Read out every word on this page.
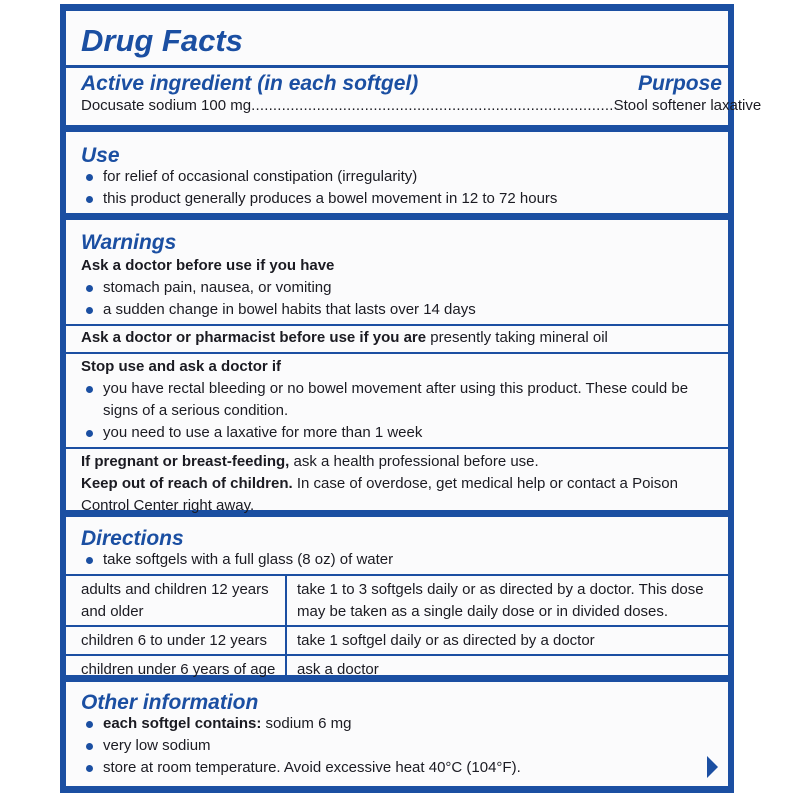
Drug Facts
Active ingredient (in each softgel)	Purpose
Docusate sodium 100 mg ................................................................................... Stool softener laxative
Use
for relief of occasional constipation (irregularity)
this product generally produces a bowel movement in 12 to 72 hours
Warnings
Ask a doctor before use if you have
stomach pain, nausea, or vomiting
a sudden change in bowel habits that lasts over 14 days
Ask a doctor or pharmacist before use if you are presently taking mineral oil
Stop use and ask a doctor if
you have rectal bleeding or no bowel movement after using this product. These could be signs of a serious condition.
you need to use a laxative for more than 1 week
If pregnant or breast-feeding, ask a health professional before use.
Keep out of reach of children. In case of overdose, get medical help or contact a Poison Control Center right away.
Directions
take softgels with a full glass (8 oz) of water
adults and children 12 years and older	take 1 to 3 softgels daily or as directed by a doctor. This dose may be taken as a single daily dose or in divided doses.
children 6 to under 12 years	take 1 softgel daily or as directed by a doctor
children under 6 years of age	ask a doctor
Other information
each softgel contains: sodium 6 mg
very low sodium
store at room temperature. Avoid excessive heat 40°C (104°F).
